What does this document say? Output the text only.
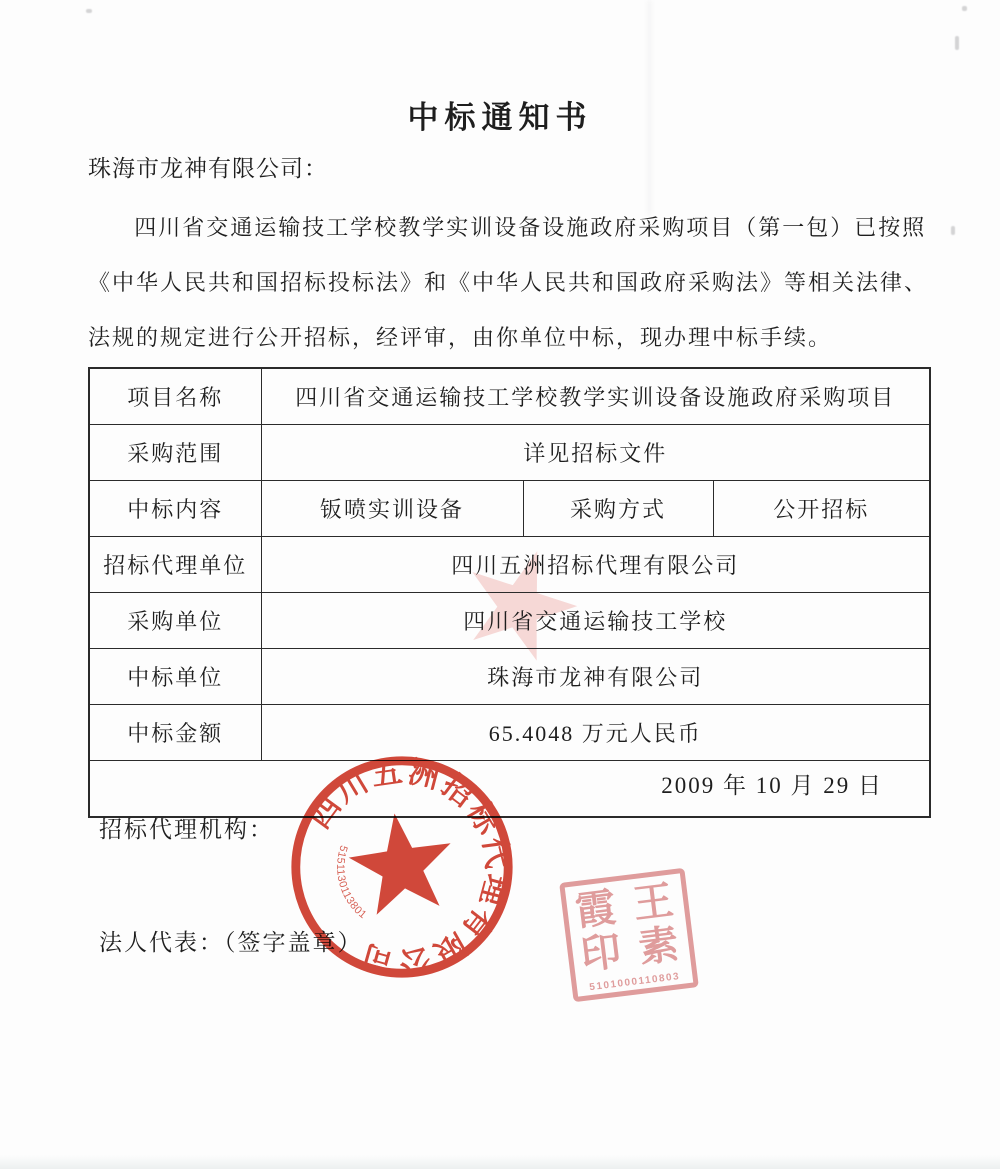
中标通知书
珠海市龙神有限公司：
四川省交通运输技工学校教学实训设备设施政府采购项目（第一包）已按照
《中华人民共和国招标投标法》和《中华人民共和国政府采购法》等相关法律、
法规的规定进行公开招标，经评审，由你单位中标，现办理中标手续。
项目名称	四川省交通运输技工学校教学实训设备设施政府采购项目		
采购范围	详见招标文件		
中标内容	钣喷实训设备	采购方式	公开招标
招标代理单位	四川五洲招标代理有限公司		
采购单位	四川省交通运输技工学校		
中标单位	珠海市龙神有限公司		
中标金额	65.4048 万元人民币		

招标代理机构：
法人代表：（签字盖章）
四川五洲招标代理有限公司
5151130113801	霞 王
印 素
5101000110803
2009 年 10 月 29 日
